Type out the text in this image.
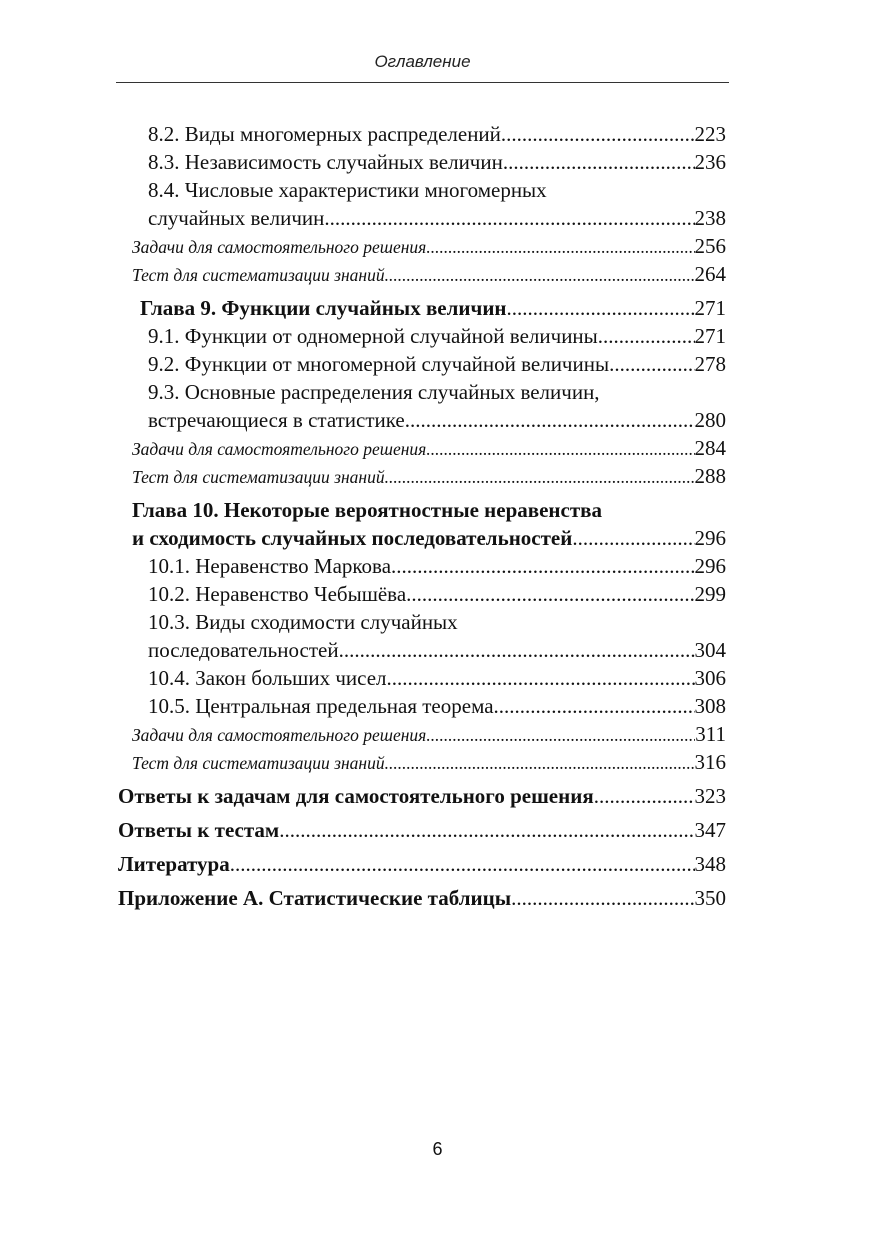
Оглавление
8.2. Виды многомерных распределений .....	223
8.3. Независимость случайных величин .....	236
8.4. Числовые характеристики многомерных
случайных величин .....	238
Задачи для самостоятельного решения .....	256
Тест для систематизации знаний .....	264
Глава 9. Функции случайных величин .....	271
9.1. Функции от одномерной случайной величины .....	271
9.2. Функции от многомерной случайной величины .....	278
9.3. Основные распределения случайных величин,
встречающиеся в статистике .....	280
Задачи для самостоятельного решения .....	284
Тест для систематизации знаний .....	288
Глава 10. Некоторые вероятностные неравенства
и сходимость случайных последовательностей .....	296
10.1. Неравенство Маркова .....	296
10.2. Неравенство Чебышёва .....	299
10.3. Виды сходимости случайных
последовательностей .....	304
10.4. Закон больших чисел .....	306
10.5. Центральная предельная теорема .....	308
Задачи для самостоятельного решения .....	311
Тест для систематизации знаний .....	316
Ответы к задачам для самостоятельного решения .....	323
Ответы к тестам .....	347
Литература .....	348
Приложение А. Статистические таблицы .....	350
6
